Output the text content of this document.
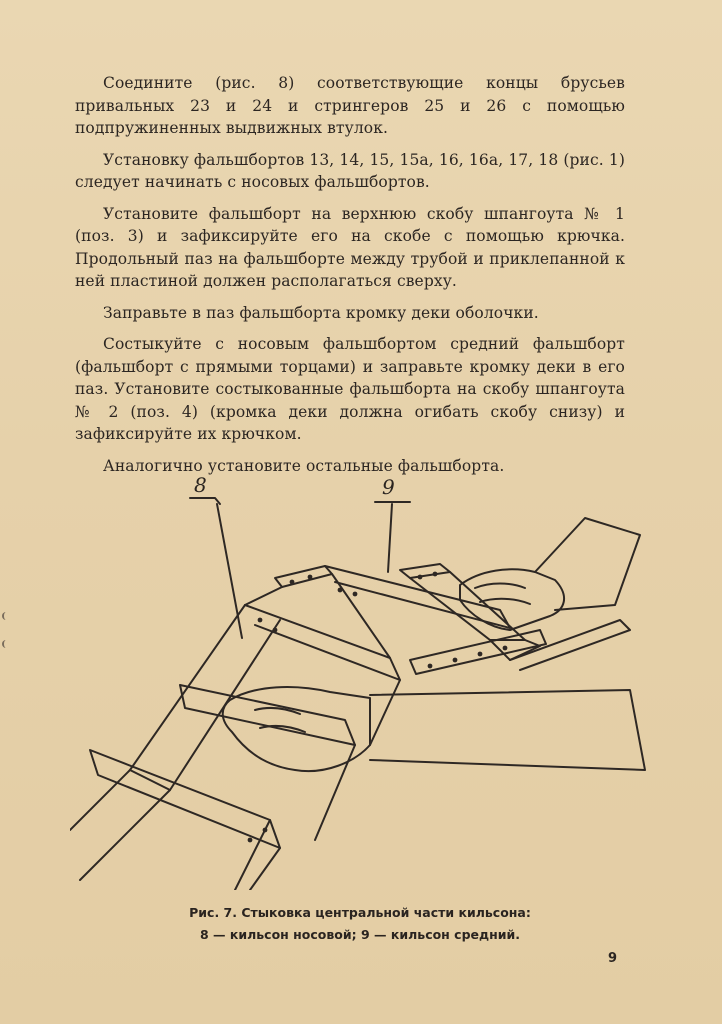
Соедините (рис. 8) соответствующие концы брусьев привальных 23 и 24 и стрингеров 25 и 26 с помощью подпружиненных выдвижных втулок.

Установку фальшбортов 13, 14, 15, 15а, 16, 16а, 17, 18 (рис. 1) следует начинать с носовых фальшбортов.

Установите фальшборт на верхнюю скобу шпангоута № 1 (поз. 3) и зафиксируйте его на скобе с помощью крючка. Продольный паз на фальшборте между трубой и приклепанной к ней пластиной должен располагаться сверху.

Заправьте в паз фальшборта кромку деки оболочки.

Состыкуйте с носовым фальшбортом средний фальшборт (фальшборт с прямыми торцами) и заправьте кромку деки в его паз. Установите состыкованные фальшборта на скобу шпангоута № 2 (поз. 4) (кромка деки должна огибать скобу снизу) и зафиксируйте их крючком.

Аналогично установите остальные фальшборта.

8	9
Рис. 7. Стыковка центральной части кильсона:
8 — кильсон носовой; 9 — кильсон средний.
9
